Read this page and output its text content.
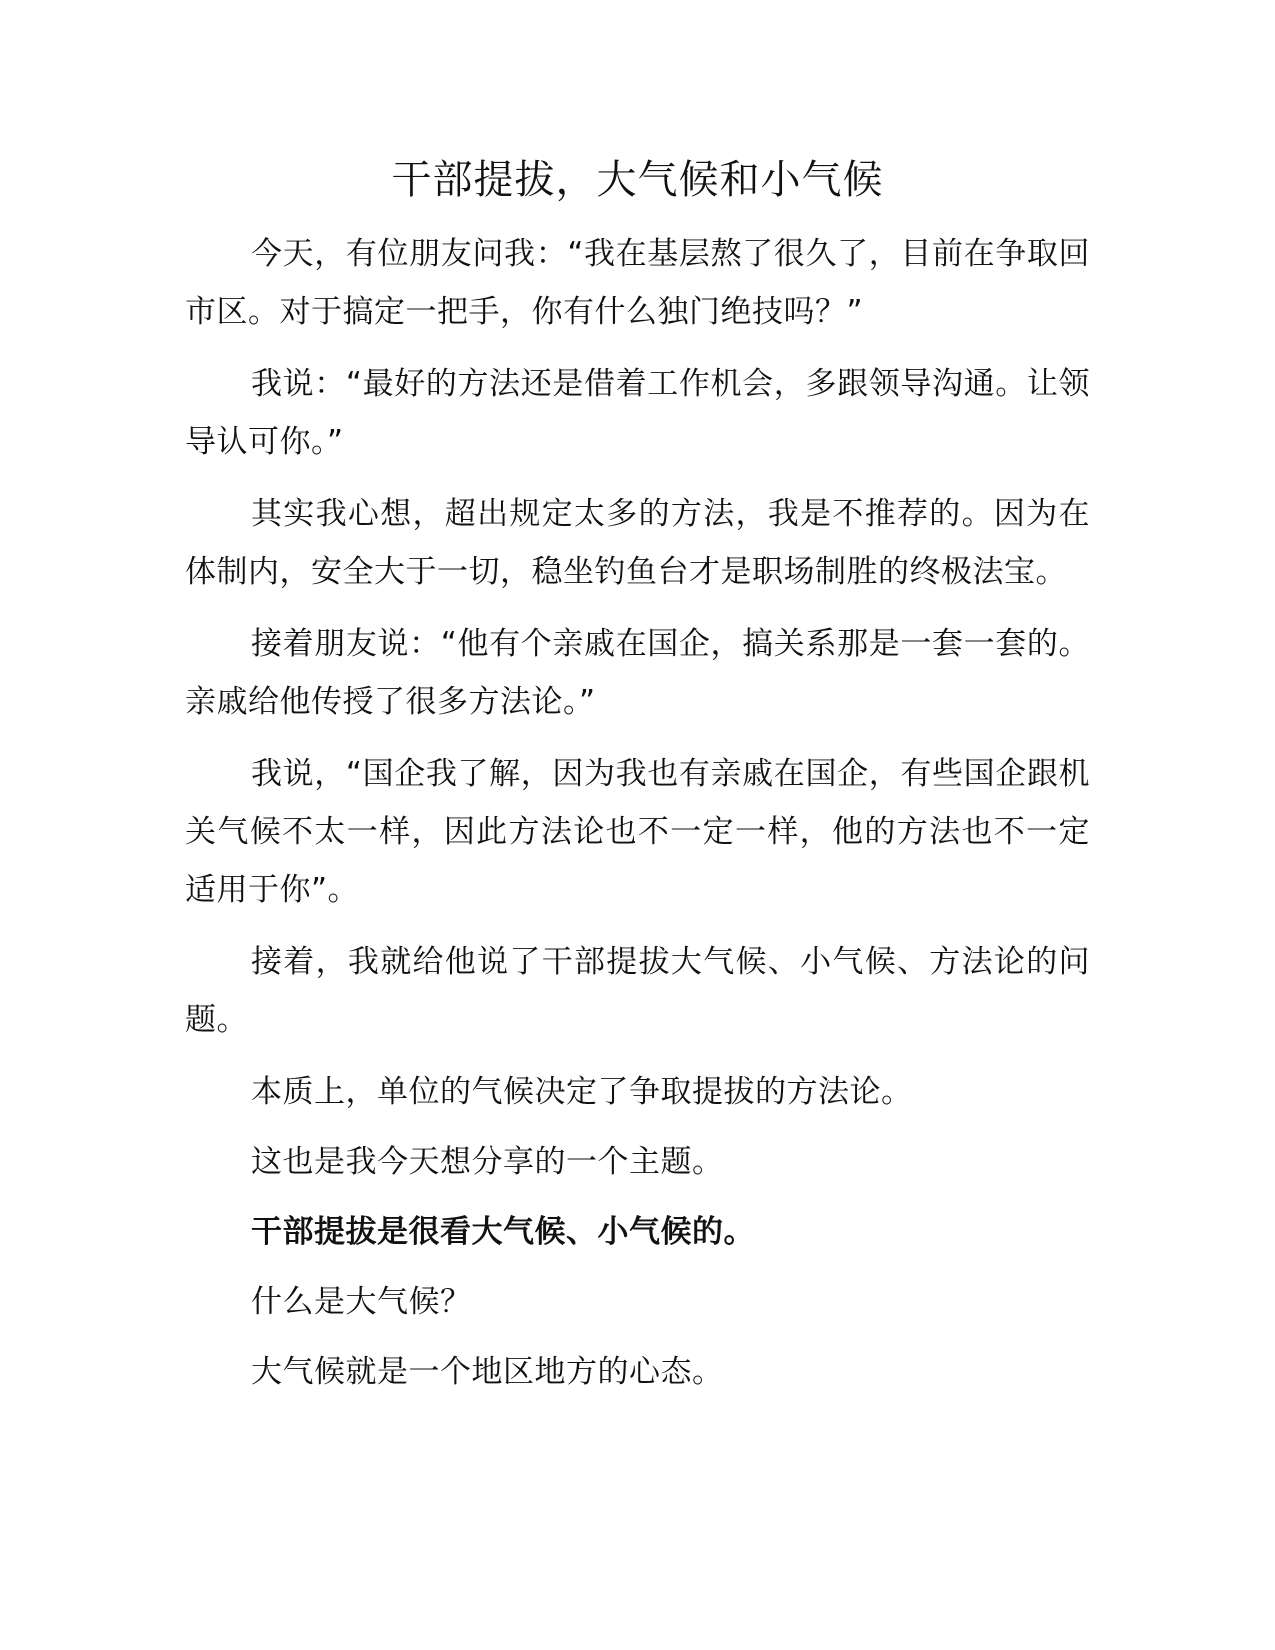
干部提拔，大气候和小气候

今天，有位朋友问我：“我在基层熬了很久了，目前在争取回市区。对于搞定一把手，你有什么独门绝技吗？”

我说：“最好的方法还是借着工作机会，多跟领导沟通。让领导认可你。”

其实我心想，超出规定太多的方法，我是不推荐的。因为在体制内，安全大于一切，稳坐钓鱼台才是职场制胜的终极法宝。

接着朋友说：“他有个亲戚在国企，搞关系那是一套一套的。亲戚给他传授了很多方法论。”

我说，“国企我了解，因为我也有亲戚在国企，有些国企跟机关气候不太一样，因此方法论也不一定一样，他的方法也不一定适用于你”。

接着，我就给他说了干部提拔大气候、小气候、方法论的问题。

本质上，单位的气候决定了争取提拔的方法论。

这也是我今天想分享的一个主题。

干部提拔是很看大气候、小气候的。

什么是大气候？

大气候就是一个地区地方的心态。
